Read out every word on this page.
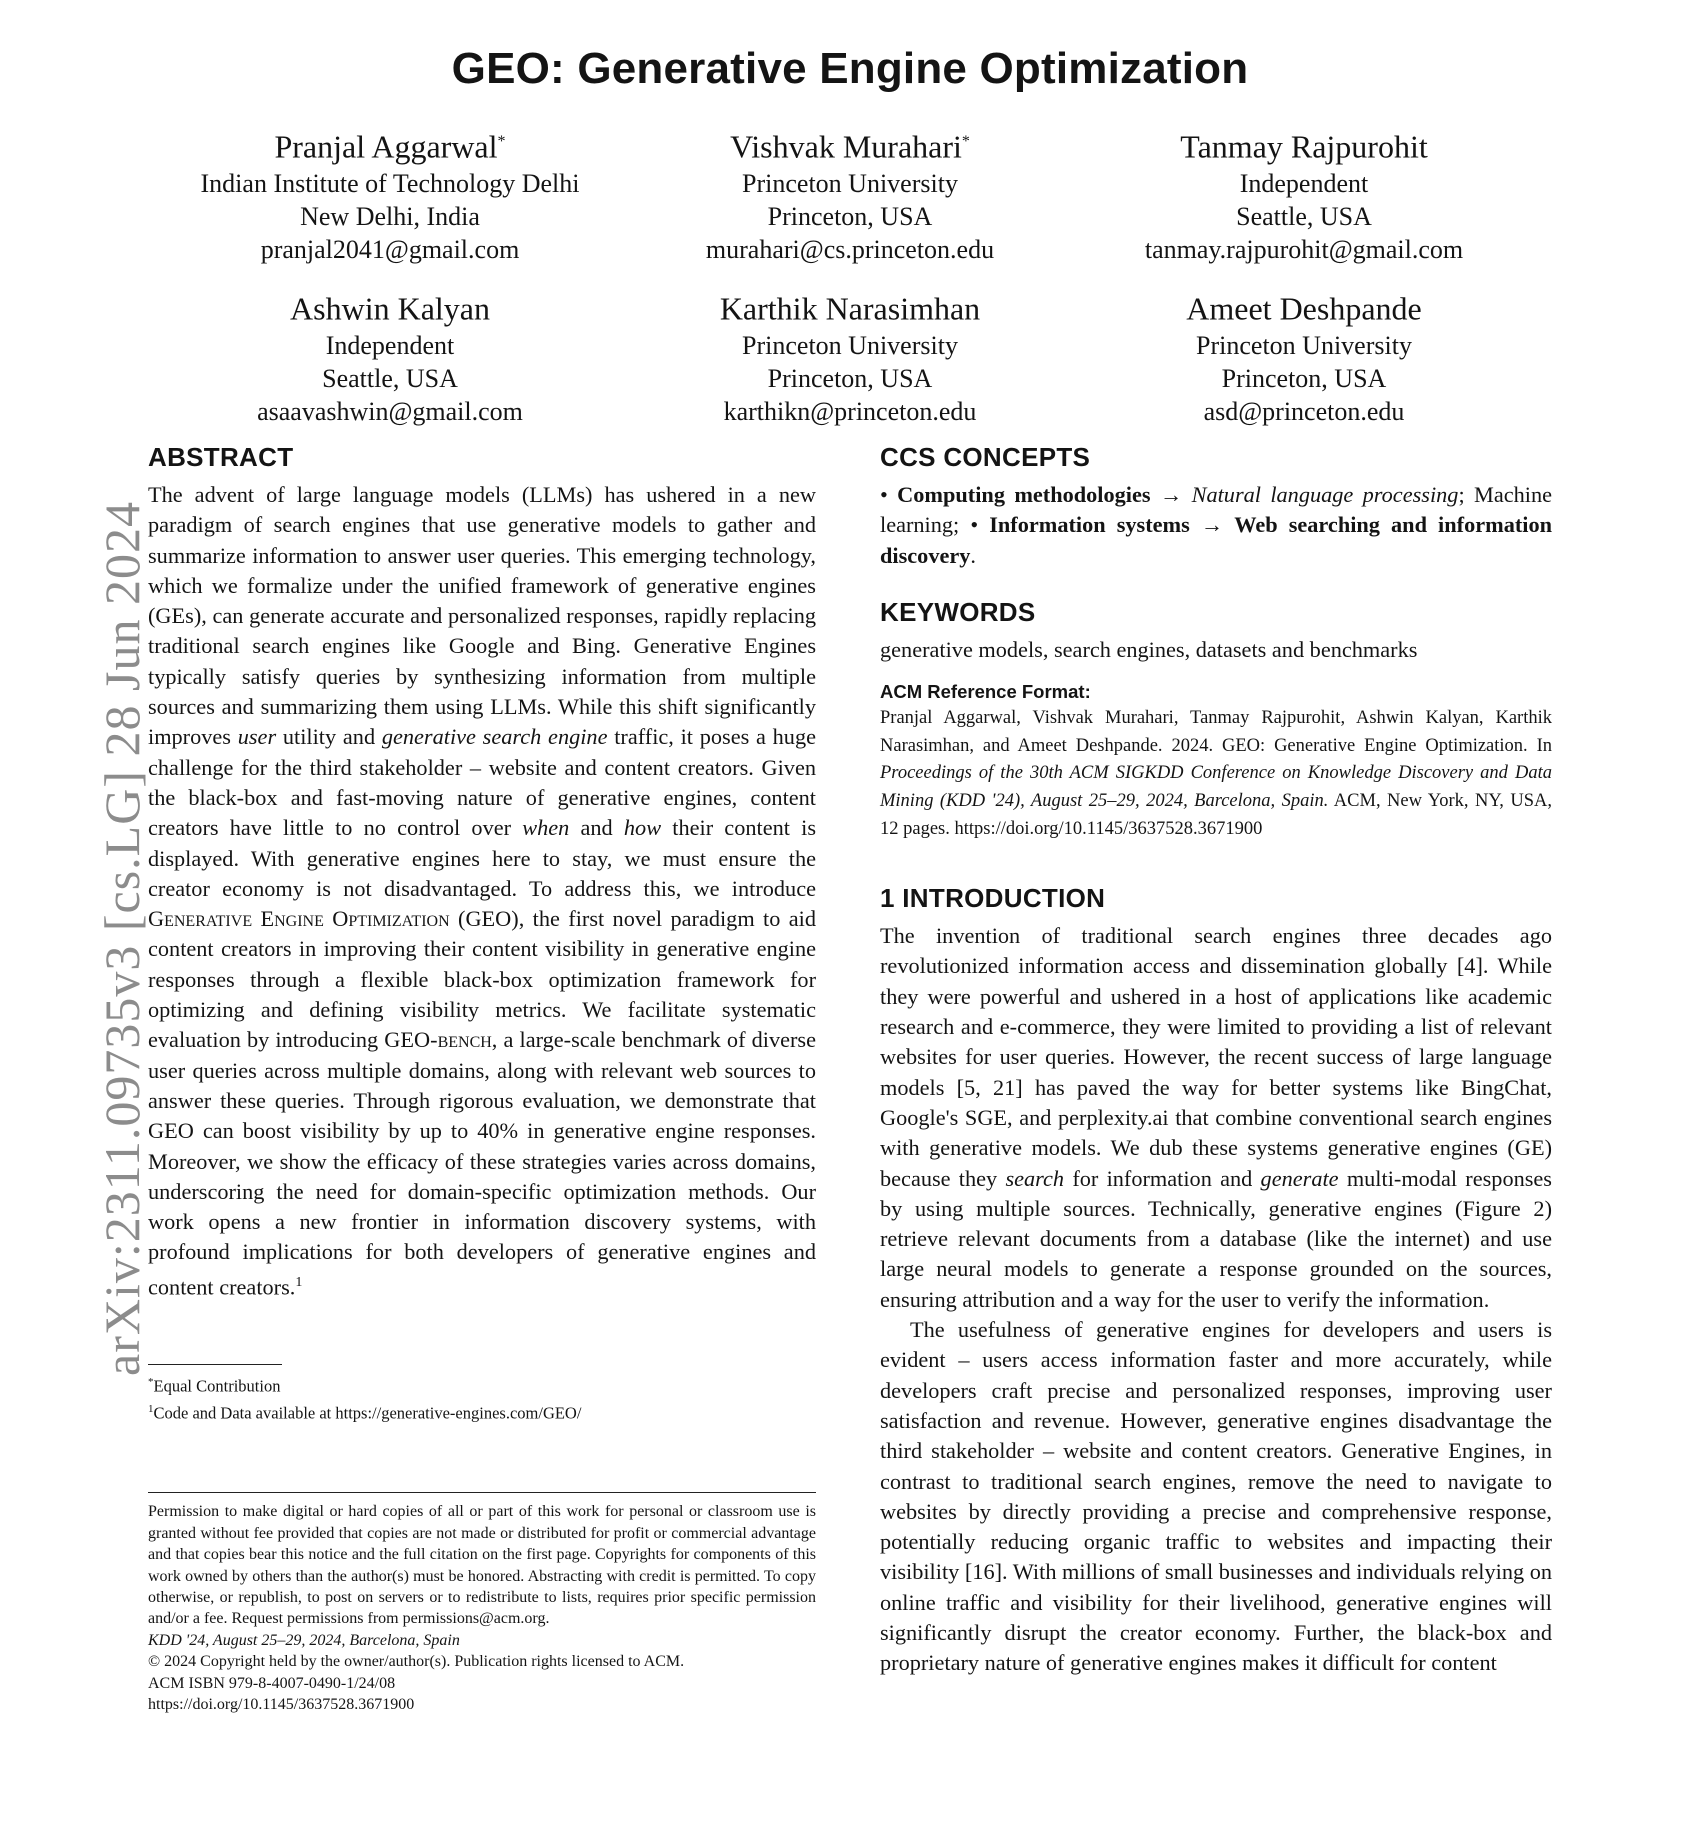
GEO: Generative Engine Optimization
Pranjal Aggarwal*
Indian Institute of Technology Delhi
New Delhi, India
pranjal2041@gmail.com
Vishvak Murahari*
Princeton University
Princeton, USA
murahari@cs.princeton.edu
Tanmay Rajpurohit
Independent
Seattle, USA
tanmay.rajpurohit@gmail.com
Ashwin Kalyan
Independent
Seattle, USA
asaavashwin@gmail.com
Karthik Narasimhan
Princeton University
Princeton, USA
karthikn@princeton.edu
Ameet Deshpande
Princeton University
Princeton, USA
asd@princeton.edu
arXiv:2311.09735v3 [cs.LG] 28 Jun 2024
ABSTRACT

The advent of large language models (LLMs) has ushered in a new paradigm of search engines that use generative models to gather and summarize information to answer user queries. This emerging technology, which we formalize under the unified framework of generative engines (GEs), can generate accurate and personalized responses, rapidly replacing traditional search engines like Google and Bing. Generative Engines typically satisfy queries by synthesizing information from multiple sources and summarizing them using LLMs. While this shift significantly improves user utility and generative search engine traffic, it poses a huge challenge for the third stakeholder – website and content creators. Given the black-box and fast-moving nature of generative engines, content creators have little to no control over when and how their content is displayed. With generative engines here to stay, we must ensure the creator economy is not disadvantaged. To address this, we introduce Generative Engine Optimization (GEO), the first novel paradigm to aid content creators in improving their content visibility in generative engine responses through a flexible black-box optimization framework for optimizing and defining visibility metrics. We facilitate systematic evaluation by introducing GEO-bench, a large-scale benchmark of diverse user queries across multiple domains, along with relevant web sources to answer these queries. Through rigorous evaluation, we demonstrate that GEO can boost visibility by up to 40% in generative engine responses. Moreover, we show the efficacy of these strategies varies across domains, underscoring the need for domain-specific optimization methods. Our work opens a new frontier in information discovery systems, with profound implications for both developers of generative engines and content creators.$^1$

*Equal Contribution

$^1$Code and Data available at https://generative-engines.com/GEO/

Permission to make digital or hard copies of all or part of this work for personal or classroom use is granted without fee provided that copies are not made or distributed for profit or commercial advantage and that copies bear this notice and the full citation on the first page. Copyrights for components of this work owned by others than the author(s) must be honored. Abstracting with credit is permitted. To copy otherwise, or republish, to post on servers or to redistribute to lists, requires prior specific permission and/or a fee. Request permissions from permissions@acm.org.

KDD '24, August 25–29, 2024, Barcelona, Spain

© 2024 Copyright held by the owner/author(s). Publication rights licensed to ACM.

ACM ISBN 979-8-4007-0490-1/24/08

https://doi.org/10.1145/3637528.3671900

CCS CONCEPTS

• Computing methodologies → Natural language processing; Machine learning; • Information systems → Web searching and information discovery.

KEYWORDS

generative models, search engines, datasets and benchmarks

ACM Reference Format:

Pranjal Aggarwal, Vishvak Murahari, Tanmay Rajpurohit, Ashwin Kalyan, Karthik Narasimhan, and Ameet Deshpande. 2024. GEO: Generative Engine Optimization. In Proceedings of the 30th ACM SIGKDD Conference on Knowledge Discovery and Data Mining (KDD '24), August 25–29, 2024, Barcelona, Spain. ACM, New York, NY, USA, 12 pages. https://doi.org/10.1145/3637528.3671900

1 INTRODUCTION

The invention of traditional search engines three decades ago revolutionized information access and dissemination globally [4]. While they were powerful and ushered in a host of applications like academic research and e-commerce, they were limited to providing a list of relevant websites for user queries. However, the recent success of large language models [5, 21] has paved the way for better systems like BingChat, Google's SGE, and perplexity.ai that combine conventional search engines with generative models. We dub these systems generative engines (GE) because they search for information and generate multi-modal responses by using multiple sources. Technically, generative engines (Figure 2) retrieve relevant documents from a database (like the internet) and use large neural models to generate a response grounded on the sources, ensuring attribution and a way for the user to verify the information.

The usefulness of generative engines for developers and users is evident – users access information faster and more accurately, while developers craft precise and personalized responses, improving user satisfaction and revenue. However, generative engines disadvantage the third stakeholder – website and content creators. Generative Engines, in contrast to traditional search engines, remove the need to navigate to websites by directly providing a precise and comprehensive response, potentially reducing organic traffic to websites and impacting their visibility [16]. With millions of small businesses and individuals relying on online traffic and visibility for their livelihood, generative engines will significantly disrupt the creator economy. Further, the black-box and proprietary nature of generative engines makes it difficult for content
